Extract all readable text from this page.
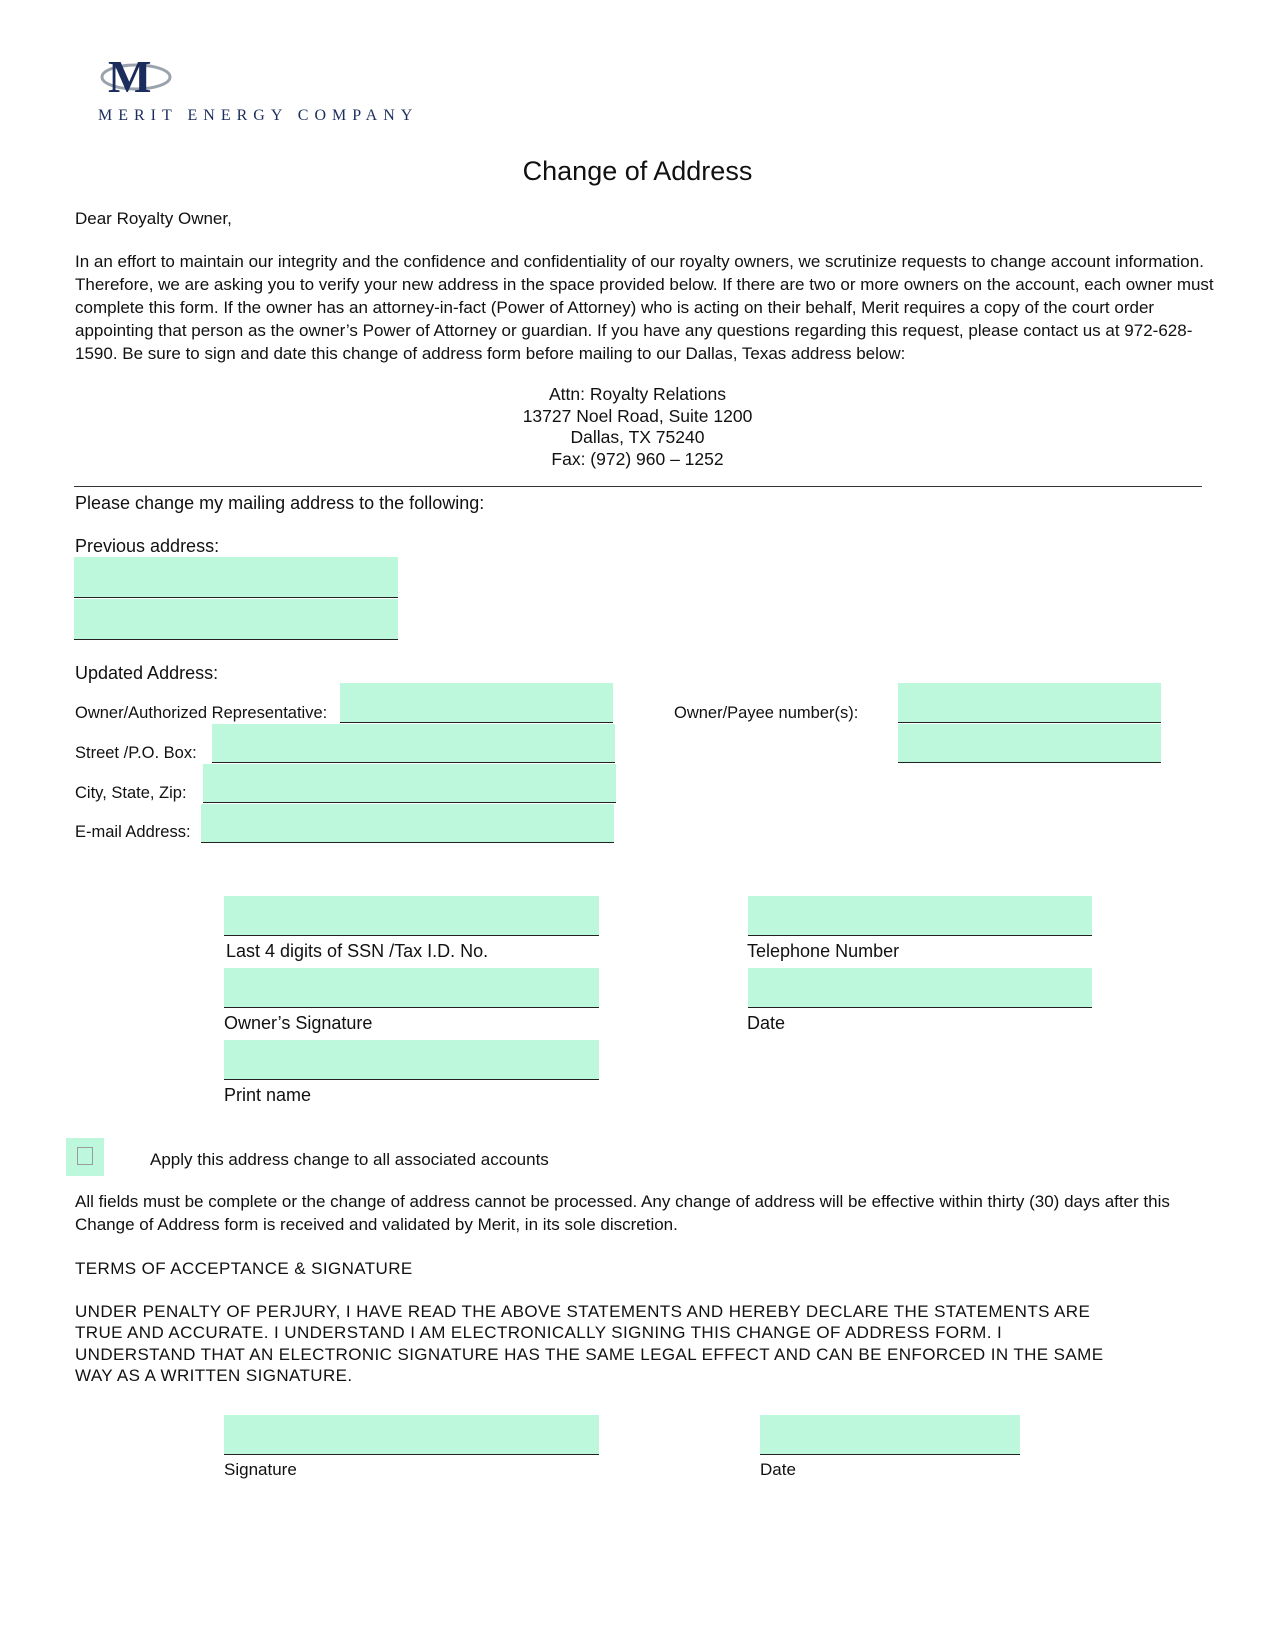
M
MERIT ENERGY COMPANY
Change of Address
Dear Royalty Owner,
In an effort to maintain our integrity and the confidence and confidentiality of our royalty owners, we scrutinize requests to change account information.
Therefore, we are asking you to verify your new address in the space provided below. If there are two or more owners on the account, each owner must
complete this form. If the owner has an attorney-in-fact (Power of Attorney) who is acting on their behalf, Merit requires a copy of the court order
appointing that person as the owner’s Power of Attorney or guardian. If you have any questions regarding this request, please contact us at 972-628-
1590. Be sure to sign and date this change of address form before mailing to our Dallas, Texas address below:
Attn: Royalty Relations
13727 Noel Road, Suite 1200
Dallas, TX 75240
Fax: (972) 960 – 1252
Please change my mailing address to the following:
Previous address:
Updated Address:
Owner/Authorized Representative:	Owner/Payee number(s):
Street /P.O. Box:
City, State, Zip:
E-mail Address:
Last 4 digits of SSN /Tax I.D. No.	Telephone Number
Owner’s Signature	Date
Print name
Apply this address change to all associated accounts
All fields must be complete or the change of address cannot be processed. Any change of address will be effective within thirty (30) days after this
Change of Address form is received and validated by Merit, in its sole discretion.
TERMS OF ACCEPTANCE & SIGNATURE
UNDER PENALTY OF PERJURY, I HAVE READ THE ABOVE STATEMENTS AND HEREBY DECLARE THE STATEMENTS ARE
TRUE AND ACCURATE. I UNDERSTAND I AM ELECTRONICALLY SIGNING THIS CHANGE OF ADDRESS FORM. I
UNDERSTAND THAT AN ELECTRONIC SIGNATURE HAS THE SAME LEGAL EFFECT AND CAN BE ENFORCED IN THE SAME
WAY AS A WRITTEN SIGNATURE.
Signature	Date
